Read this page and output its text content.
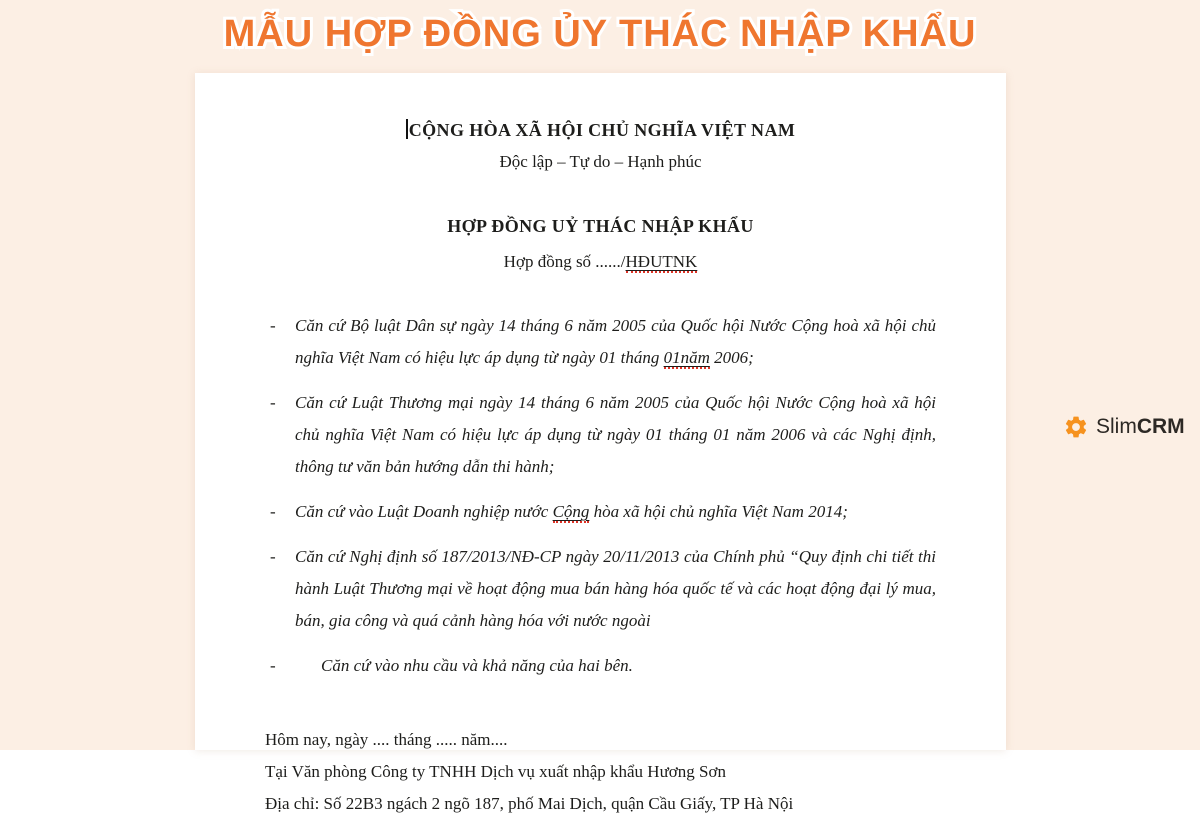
MẪU HỢP ĐỒNG ỦY THÁC NHẬP KHẨU
CỘNG HÒA XÃ HỘI CHỦ NGHĨA VIỆT NAM
Độc lập – Tự do – Hạnh phúc
HỢP ĐỒNG UỶ THÁC NHẬP KHẨU
Hợp đồng số ....../HĐUTNK
-	Căn cứ Bộ luật Dân sự ngày 14 tháng 6 năm 2005 của Quốc hội Nước Cộng hoà xã hội chủ nghĩa Việt Nam có hiệu lực áp dụng từ ngày 01 tháng 01năm 2006;

-	Căn cứ Luật Thương mại ngày 14 tháng 6 năm 2005 của Quốc hội Nước Cộng hoà xã hội chủ nghĩa Việt Nam có hiệu lực áp dụng từ ngày 01 tháng 01 năm 2006 và các Nghị định, thông tư văn bản hướng dẫn thi hành;

-	Căn cứ vào Luật Doanh nghiệp nước Cộng hòa xã hội chủ nghĩa Việt Nam 2014;

-	Căn cứ Nghị định số 187/2013/NĐ-CP ngày 20/11/2013 của Chính phủ “Quy định chi tiết thi hành Luật Thương mại về hoạt động mua bán hàng hóa quốc tế và các hoạt động đại lý mua, bán, gia công và quá cảnh hàng hóa với nước ngoài

-	Căn cứ vào nhu cầu và khả năng của hai bên.

Hôm nay, ngày .... tháng ..... năm....

Tại Văn phòng Công ty TNHH Dịch vụ xuất nhập khẩu Hương Sơn

Địa chỉ: Số 22B3 ngách 2 ngõ 187, phố Mai Dịch, quận Cầu Giấy, TP Hà Nội

Slim CRM
